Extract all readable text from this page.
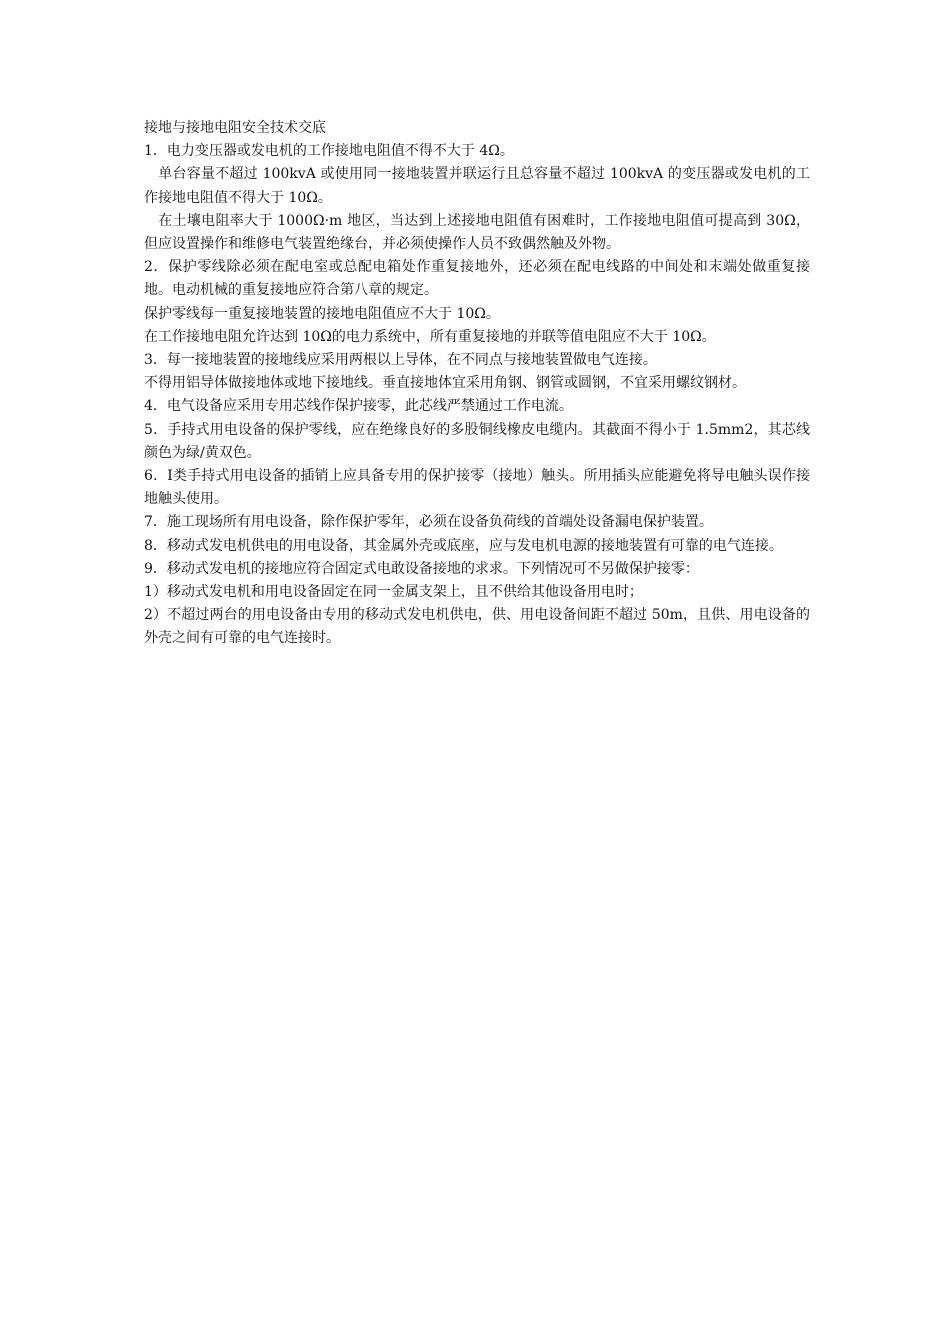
接地与接地电阻安全技术交底

1．电力变压器或发电机的工作接地电阻值不得不大于 4Ω。

　单台容量不超过 100kvA 或使用同一接地装置并联运行且总容量不超过 100kvA 的变压器或发电机的工作接地电阻值不得大于 10Ω。

　在土壤电阻率大于 1000Ω·m 地区，当达到上述接地电阻值有困难时，工作接地电阻值可提高到 30Ω，但应设置操作和维修电气装置绝缘台，并必须使操作人员不致偶然触及外物。

2．保护零线除必须在配电室或总配电箱处作重复接地外，还必须在配电线路的中间处和末端处做重复接地。电动机械的重复接地应符合第八章的规定。

保护零线每一重复接地装置的接地电阻值应不大于 10Ω。

在工作接地电阻允许达到 10Ω的电力系统中，所有重复接地的并联等值电阻应不大于 10Ω。

3．每一接地装置的接地线应采用两根以上导体，在不同点与接地装置做电气连接。

不得用铝导体做接地体或地下接地线。垂直接地体宜采用角钢、钢管或圆钢，不宜采用螺纹钢材。

4．电气设备应采用专用芯线作保护接零，此芯线严禁通过工作电流。

5．手持式用电设备的保护零线，应在绝缘良好的多股铜线橡皮电缆内。其截面不得小于 1.5mm2，其芯线颜色为绿/黄双色。

6．Ⅰ类手持式用电设备的插销上应具备专用的保护接零（接地）触头。所用插头应能避免将导电触头误作接地触头使用。

7．施工现场所有用电设备，除作保护零年，必须在设备负荷线的首端处设备漏电保护装置。

8．移动式发电机供电的用电设备，其金属外壳或底座，应与发电机电源的接地装置有可靠的电气连接。

9．移动式发电机的接地应符合固定式电敢设备接地的求求。下列情况可不另做保护接零：

1）移动式发电机和用电设备固定在同一金属支架上，且不供给其他设备用电时；

2）不超过两台的用电设备由专用的移动式发电机供电，供、用电设备间距不超过 50m，且供、用电设备的外壳之间有可靠的电气连接时。
